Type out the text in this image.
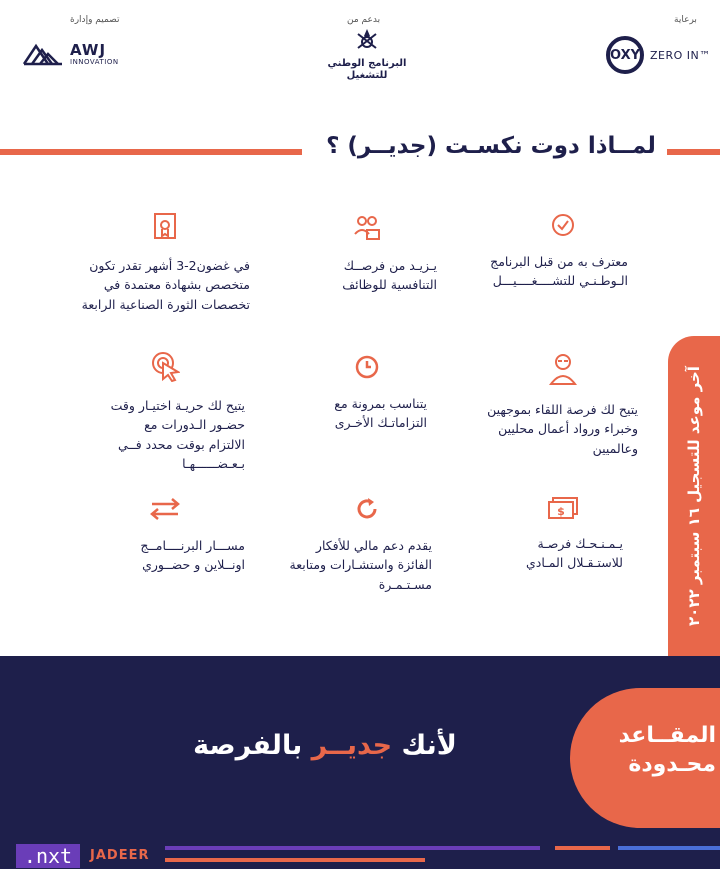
برعاية
بدعم من
تصميم وإدارة
OXY ZERO IN™
البرنامج الوطني للتشغيل
AWJ
INNOVATION
لمــاذا دوت نكسـت (جديــر) ؟
معترف به من قبل البرنامج الـوطـنـي للتشــــغــــيـــل
يـزيـد من فرصــك التنافسية للوظائف
في غضون2-3 أشهر تقدر تكون متخصص بشهادة معتمدة في تخصصات الثورة الصناعية الرابعة
يتيح لك فرصة اللقاء بموجهين وخبراء ورواد أعمال محليين وعالميين
يتناسب بمرونة مع التزاماتـك الأخـرى
يتيح لك حريـة اختيـار وقت حضـور الـدورات مع الالتزام بوقت محدد فــي بـعـضــــــهـا
$
يـمـنـحـك فرصـة للاستـقـلال المـادي
يقدم دعم مالي للأفكار الفائزة واستشـارات ومتابعة مسـتـمـرة
مســـار البرنــــامــج اونــلاين و حضــوري
آخر موعد للتسجيل ١٦ سبتمبر ٢٠٢٢
المقــاعد محـدودة
لأنك جديــر بالفرصة
.nxt	JADEER
